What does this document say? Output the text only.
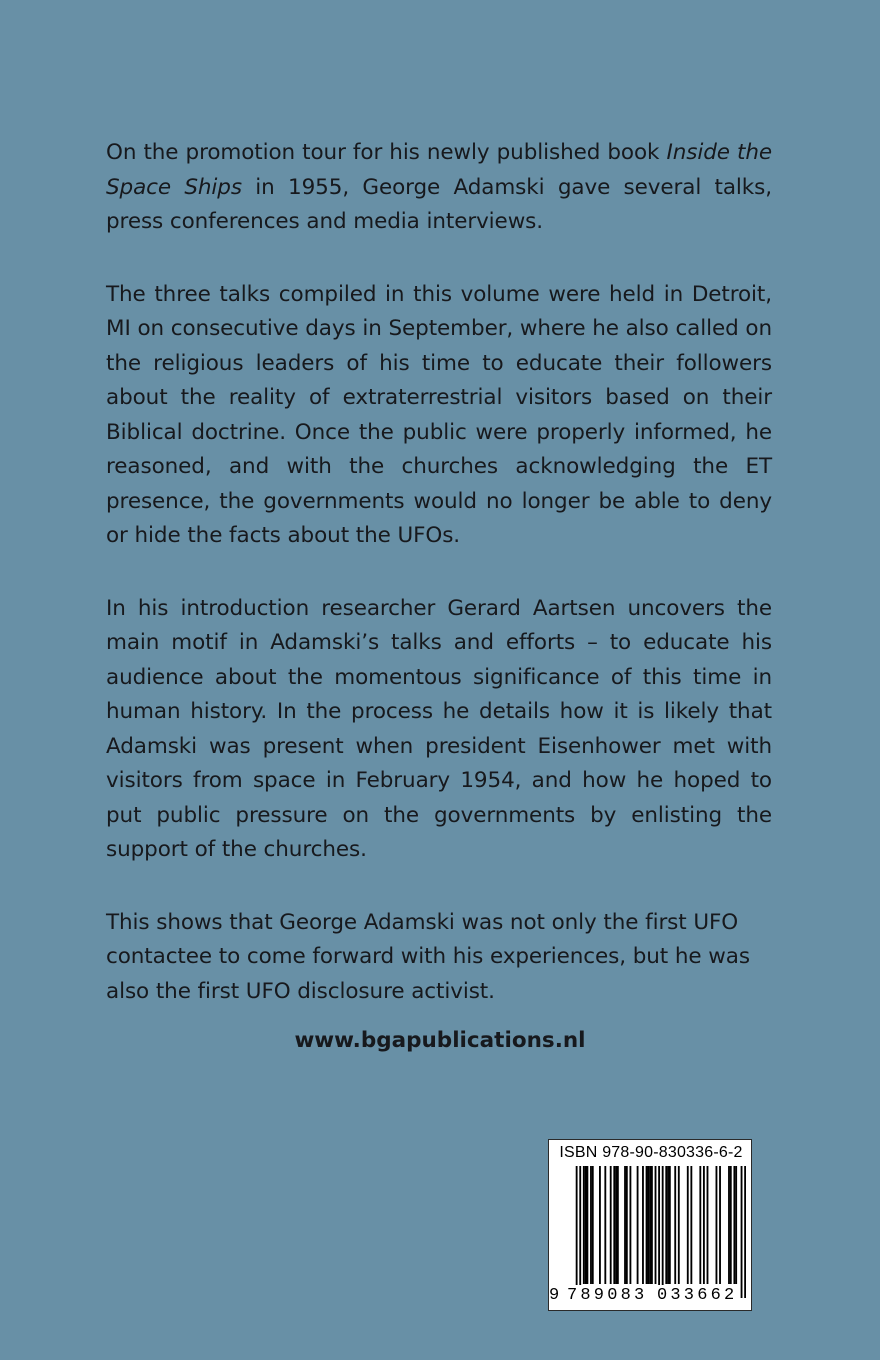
On the promotion tour for his newly published book Inside the Space Ships in 1955, George Adamski gave several talks, press conferences and media interviews.

The three talks compiled in this volume were held in Detroit, MI on consecutive days in September, where he also called on the religious leaders of his time to educate their followers about the reality of extraterrestrial visitors based on their Biblical doctrine. Once the public were properly informed, he reasoned, and with the churches acknowledging the ET presence, the governments would no longer be able to deny or hide the facts about the UFOs.

In his introduction researcher Gerard Aartsen uncovers the main motif in Adamski’s talks and efforts – to educate his audience about the momentous significance of this time in human history. In the process he details how it is likely that Adamski was present when president Eisenhower met with visitors from space in February 1954, and how he hoped to put public pressure on the governments by enlisting the support of the churches.

This shows that George Adamski was not only the first UFO contactee to come forward with his experiences, but he was also the first UFO disclosure activist.

www.bgapublications.nl
ISBN 978-90-830336-6-2
9 789083 033662
